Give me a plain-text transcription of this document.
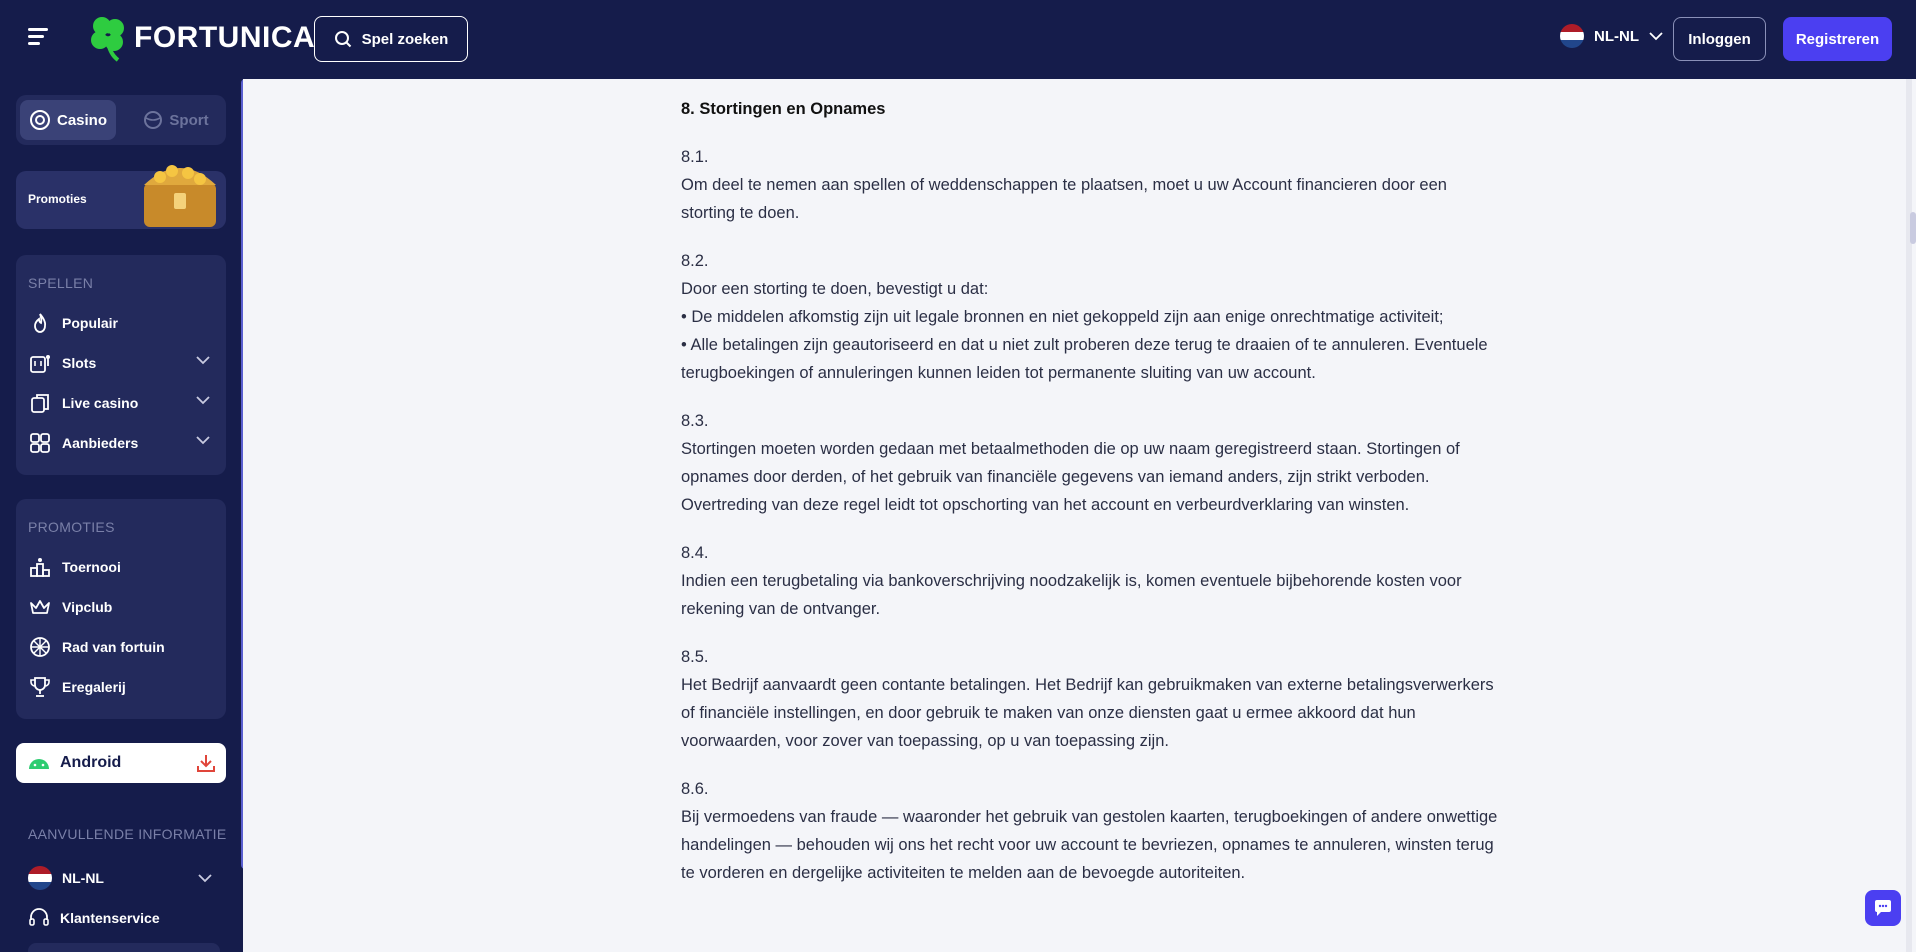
FORTUNICA	Spel zoeken	NL-NL	Inloggen	Registreren
Casino	Sport
Promoties
SPELLEN
Populair
Slots
Live casino
Aanbieders
PROMOTIES
Toernooi
Vipclub
Rad van fortuin
Eregalerij
Android
AANVULLENDE INFORMATIE
NL-NL
Klantenservice
8. Stortingen en Opnames
8.1.

Om deel te nemen aan spellen of weddenschappen te plaatsen, moet u uw Account financieren door een storting te doen.

8.2.

Door een storting te doen, bevestigt u dat:

• De middelen afkomstig zijn uit legale bronnen en niet gekoppeld zijn aan enige onrechtmatige activiteit;

• Alle betalingen zijn geautoriseerd en dat u niet zult proberen deze terug te draaien of te annuleren. Eventuele terugboekingen of annuleringen kunnen leiden tot permanente sluiting van uw account.

8.3.

Stortingen moeten worden gedaan met betaalmethoden die op uw naam geregistreerd staan. Stortingen of opnames door derden, of het gebruik van financiële gegevens van iemand anders, zijn strikt verboden. Overtreding van deze regel leidt tot opschorting van het account en verbeurdverklaring van winsten.

8.4.

Indien een terugbetaling via bankoverschrijving noodzakelijk is, komen eventuele bijbehorende kosten voor rekening van de ontvanger.

8.5.

Het Bedrijf aanvaardt geen contante betalingen. Het Bedrijf kan gebruikmaken van externe betalingsverwerkers of financiële instellingen, en door gebruik te maken van onze diensten gaat u ermee akkoord dat hun voorwaarden, voor zover van toepassing, op u van toepassing zijn.

8.6.

Bij vermoedens van fraude — waaronder het gebruik van gestolen kaarten, terugboekingen of andere onwettige handelingen — behouden wij ons het recht voor uw account te bevriezen, opnames te annuleren, winsten terug te vorderen en dergelijke activiteiten te melden aan de bevoegde autoriteiten.
